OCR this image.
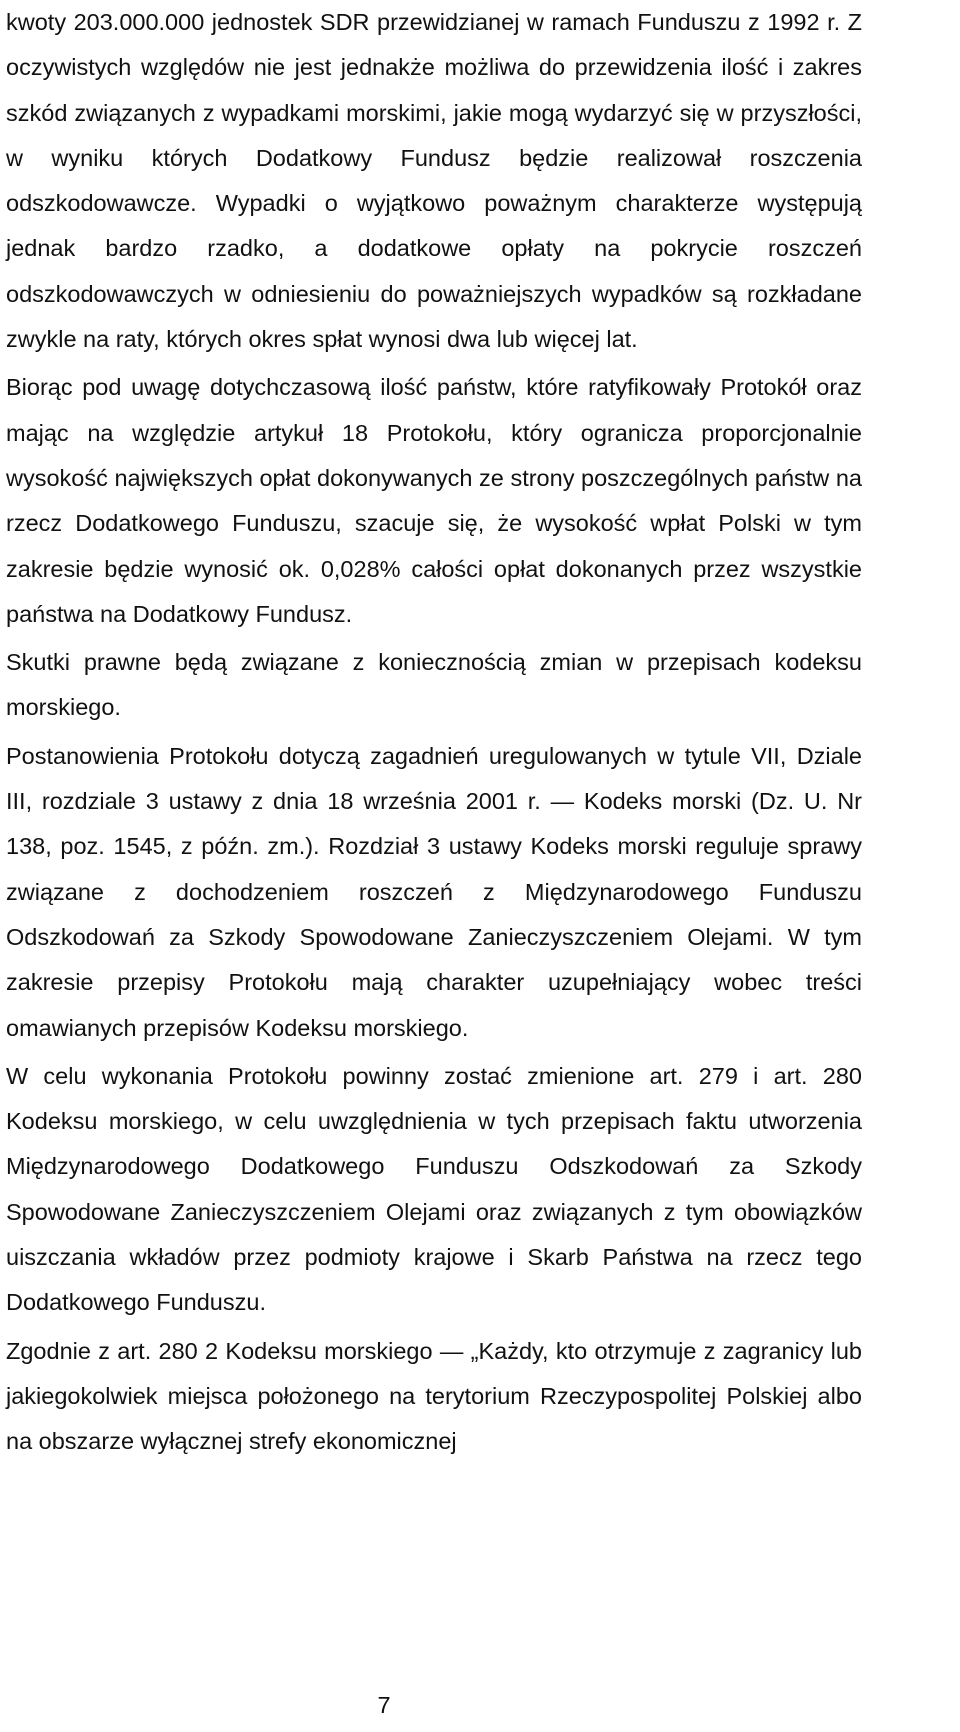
kwoty 203.000.000 jednostek SDR przewidzianej w ramach Funduszu z 1992 r. Z oczywistych względów nie jest jednakże możliwa do przewidzenia ilość i zakres szkód związanych z wypadkami morskimi, jakie mogą wydarzyć się w przyszłości, w wyniku których Dodatkowy Fundusz będzie realizował roszczenia odszkodowawcze. Wypadki o wyjątkowo poważnym charakterze występują jednak bardzo rzadko, a dodatkowe opłaty na pokrycie roszczeń odszkodowawczych w odniesieniu do poważniejszych wypadków są rozkładane zwykle na raty, których okres spłat wynosi dwa lub więcej lat.

Biorąc pod uwagę dotychczasową ilość państw, które ratyfikowały Protokół oraz mając na względzie artykuł 18 Protokołu, który ogranicza proporcjonalnie wysokość największych opłat dokonywanych ze strony poszczególnych państw na rzecz Dodatkowego Funduszu, szacuje się, że wysokość wpłat Polski w tym zakresie będzie wynosić ok. 0,028% całości opłat dokonanych przez wszystkie państwa na Dodatkowy Fundusz.

Skutki prawne będą związane z koniecznością zmian w przepisach kodeksu morskiego.

Postanowienia Protokołu dotyczą zagadnień uregulowanych w tytule VII, Dziale III, rozdziale 3 ustawy z dnia 18 września 2001 r. — Kodeks morski (Dz. U. Nr 138, poz. 1545, z późn. zm.). Rozdział 3 ustawy Kodeks morski reguluje sprawy związane z dochodzeniem roszczeń z Międzynarodowego Funduszu Odszkodowań za Szkody Spowodowane Zanieczyszczeniem Olejami. W tym zakresie przepisy Protokołu mają charakter uzupełniający wobec treści omawianych przepisów Kodeksu morskiego.

W celu wykonania Protokołu powinny zostać zmienione art. 279 i art. 280 Kodeksu morskiego, w celu uwzględnienia w tych przepisach faktu utworzenia Międzynarodowego Dodatkowego Funduszu Odszkodowań za Szkody Spowodowane Zanieczyszczeniem Olejami oraz związanych z tym obowiązków uiszczania wkładów przez podmioty krajowe i Skarb Państwa na rzecz tego Dodatkowego Funduszu.

Zgodnie z art. 280 2 Kodeksu morskiego — „Każdy, kto otrzymuje z zagranicy lub jakiegokolwiek miejsca położonego na terytorium Rzeczypospolitej Polskiej albo na obszarze wyłącznej strefy ekonomicznej

7
